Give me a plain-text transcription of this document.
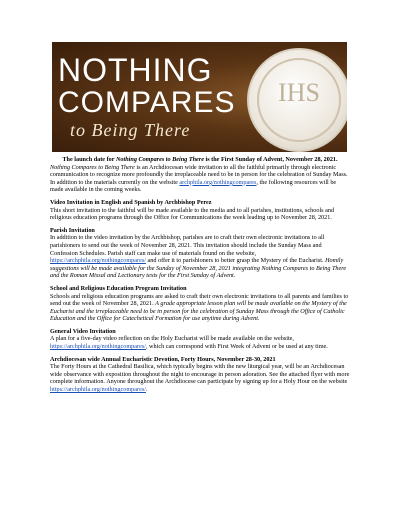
NOTHING
COMPARES
to Being There
IHS

The launch date for Nothing Compares to Being There is the First Sunday of Advent, November 28, 2021.

Nothing Compares to Being There is an Archdiocesan wide invitation to all the faithful primarily through electronic communication to recognize more profoundly the irreplaceable need to be in person for the celebration of Sunday Mass. In addition to the materials currently on the website archphila.org/nothingcompares, the following resources will be made available in the coming weeks.

Video Invitation in English and Spanish by Archbishop Perez

This short invitation to the faithful will be made available to the media and to all parishes, institutions, schools and religious education programs through the Office for Communications the week leading up to November 28, 2021.

Parish Invitation

In addition to the video invitation by the Archbishop, parishes are to craft their own electronic invitations to all parishioners to send out the week of November 28, 2021. This invitation should include the Sunday Mass and Confession Schedules. Parish staff can make use of materials found on the website, https://archphila.org/nothingcompares/ and offer it to parishioners to better grasp the Mystery of the Eucharist. Homily suggestions will be made available for the Sunday of November 28, 2021 integrating Nothing Compares to Being There and the Roman Missal and Lectionary texts for the First Sunday of Advent.

School and Religious Education Program Invitation

Schools and religious education programs are asked to craft their own electronic invitations to all parents and families to send out the week of November 28, 2021. A grade appropriate lesson plan will be made available on the Mystery of the Eucharist and the irreplaceable need to be in person for the celebration of Sunday Mass through the Office of Catholic Education and the Office for Catechetical Formation for use anytime during Advent.

General Video Invitation

A plan for a five-day video reflection on the Holy Eucharist will be made available on the website, https://archphila.org/nothingcompares/, which can correspond with First Week of Advent or be used at any time.

Archdiocesan wide Annual Eucharistic Devotion, Forty Hours, November 28-30, 2021

The Forty Hours at the Cathedral Basilica, which typically begins with the new liturgical year, will be an Archdiocesan wide observance with exposition throughout the night to encourage in person adoration. See the attached flyer with more complete information. Anyone throughout the Archdiocese can participate by signing up for a Holy Hour on the website https://archphila.org/nothingcompares/.
